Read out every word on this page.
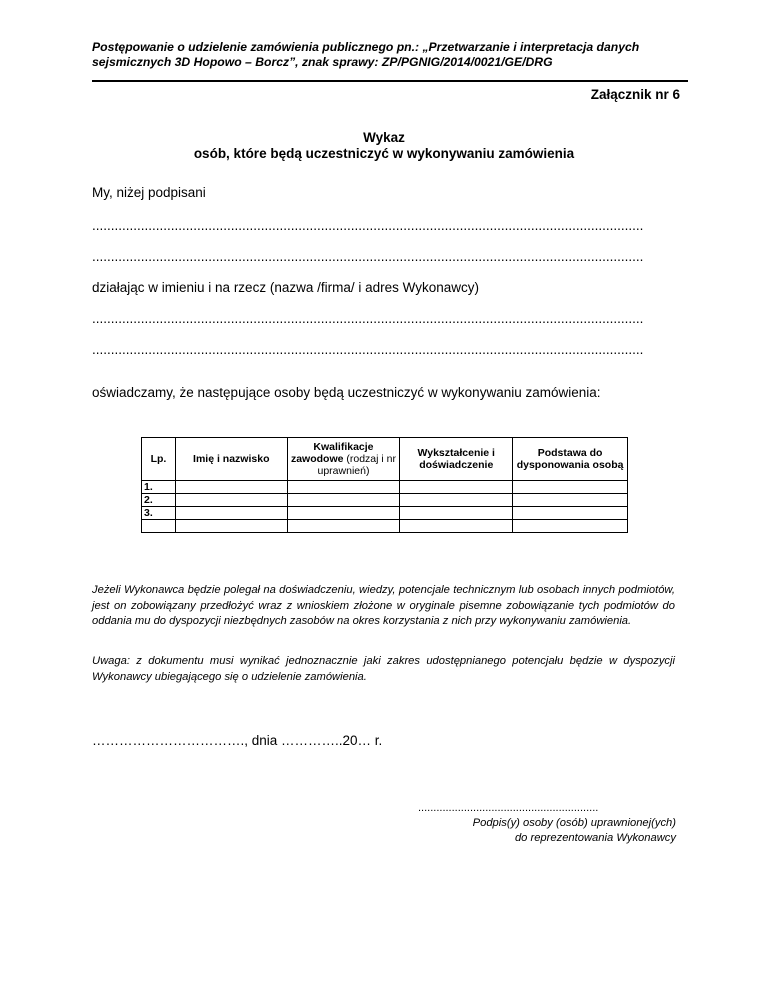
Postępowanie o udzielenie zamówienia publicznego pn.: „Przetwarzanie i interpretacja danych
sejsmicznych 3D Hopowo – Borcz”, znak sprawy: ZP/PGNIG/2014/0021/GE/DRG
Załącznik nr 6
Wykaz
osób, które będą uczestniczyć w wykonywaniu zamówienia
My, niżej podpisani
...................................................................................................................................................
...................................................................................................................................................
działając w imieniu i na rzecz (nazwa /firma/ i adres Wykonawcy)
...................................................................................................................................................
...................................................................................................................................................
oświadczamy, że następujące osoby będą uczestniczyć w wykonywaniu zamówienia:
Lp.	Imię i nazwisko	Kwalifikacje zawodowe (rodzaj i nr uprawnień)	Wykształcenie i doświadczenie	Podstawa do dysponowania osobą
1.				
2.				
3.				

Jeżeli Wykonawca będzie polegał na doświadczeniu, wiedzy, potencjale technicznym lub osobach innych podmiotów, jest on zobowiązany przedłożyć wraz z wnioskiem złożone w oryginale pisemne zobowiązanie tych podmiotów do oddania mu do dyspozycji niezbędnych zasobów na okres korzystania z nich przy wykonywaniu zamówienia.
Uwaga: z dokumentu musi wynikać jednoznacznie jaki zakres udostępnianego potencjału będzie w dyspozycji Wykonawcy ubiegającego się o udzielenie zamówienia.
……………………………., dnia …………..20… r.
...........................................................
Podpis(y) osoby (osób) uprawnionej(ych)
do reprezentowania Wykonawcy
